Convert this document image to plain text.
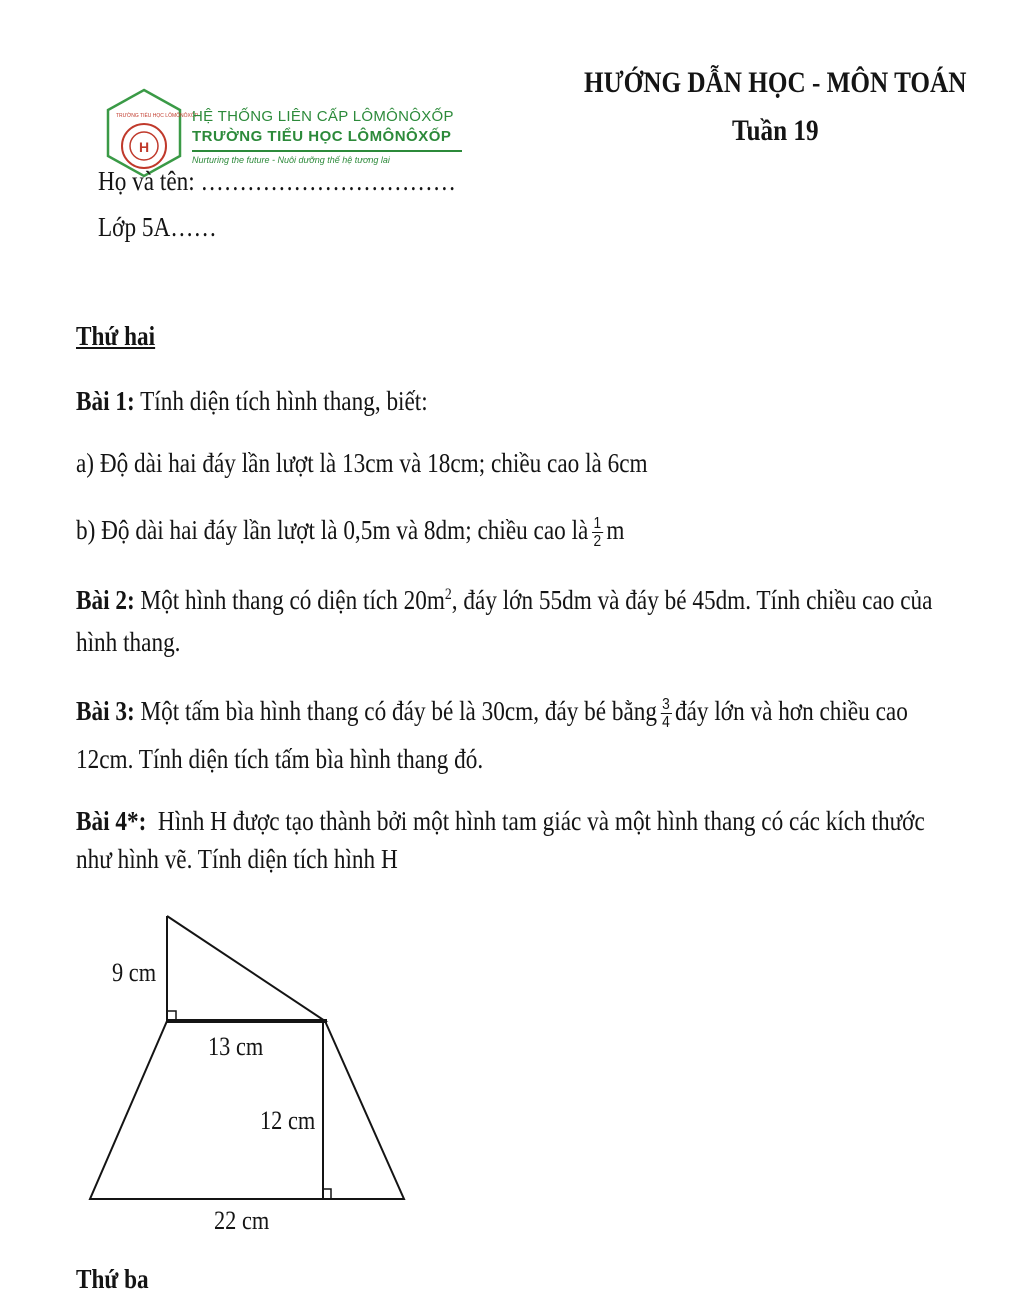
H
TRƯỜNG TIỂU HỌC LÔMÔNÔXỐP
HỆ THỐNG LIÊN CẤP LÔMÔNÔXỐP
TRƯỜNG TIỂU HỌC LÔMÔNÔXỐP
Nurturing the future - Nuôi dưỡng thế hệ tương lai
HƯỚNG DẪN HỌC - MÔN TOÁN
Tuần 19
Họ và tên: ……………………………
Lớp 5A……
Thứ hai
Bài 1: Tính diện tích hình thang, biết:
a) Độ dài hai đáy lần lượt là 13cm và 18cm; chiều cao là 6cm
b) Độ dài hai đáy lần lượt là 0,5m và 8dm; chiều cao là $\frac{1}{2}$ m
Bài 2: Một hình thang có diện tích $20m^2$, đáy lớn 55dm và đáy bé 45dm. Tính chiều cao của
hình thang.
Bài 3: Một tấm bìa hình thang có đáy bé là 30cm, đáy bé bằng $\frac{3}{4}$ đáy lớn và hơn chiều cao
12cm. Tính diện tích tấm bìa hình thang đó.
Bài 4*:  Hình H được tạo thành bởi một hình tam giác và một hình thang có các kích thước
như hình vẽ. Tính diện tích hình H
9 cm
13 cm
12 cm
22 cm
Thứ ba
